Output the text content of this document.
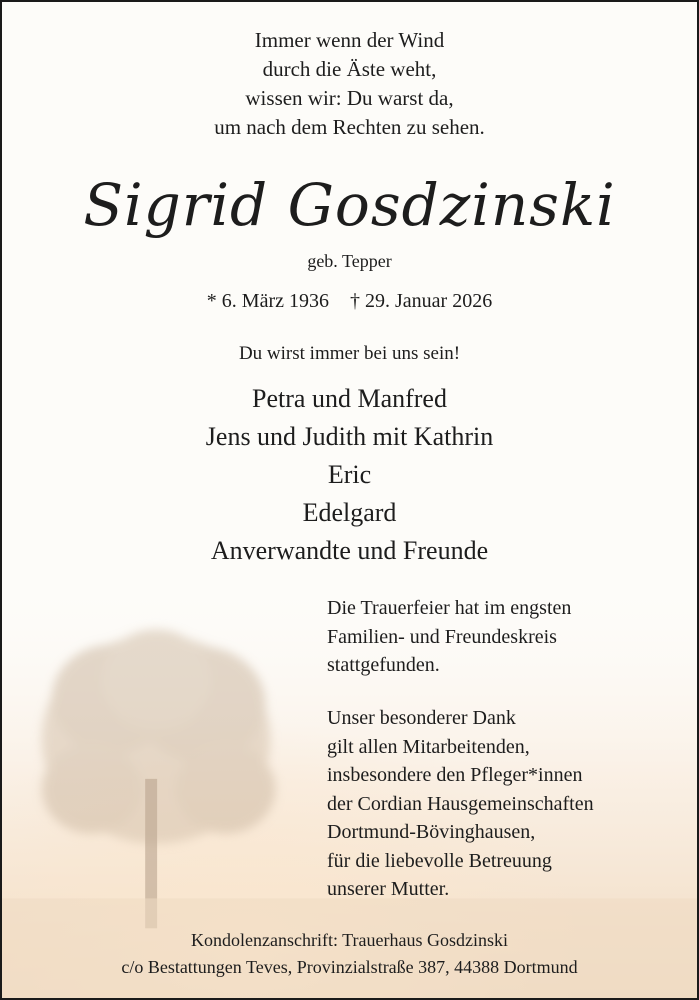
Immer wenn der Wind
durch die Äste weht,
wissen wir: Du warst da,
um nach dem Rechten zu sehen.
Sigrid Gosdzinski
geb. Tepper
* 6. März 1936 † 29. Januar 2026
Du wirst immer bei uns sein!
Petra und Manfred
Jens und Judith mit Kathrin
Eric
Edelgard
Anverwandte und Freunde
Die Trauerfeier hat im engsten
Familien- und Freundeskreis
stattgefunden.
Unser besonderer Dank
gilt allen Mitarbeitenden,
insbesondere den Pfleger*innen
der Cordian Hausgemeinschaften
Dortmund-Bövinghausen,
für die liebevolle Betreuung
unserer Mutter.
Kondolenzanschrift: Trauerhaus Gosdzinski
c/o Bestattungen Teves, Provinzialstraße 387, 44388 Dortmund
